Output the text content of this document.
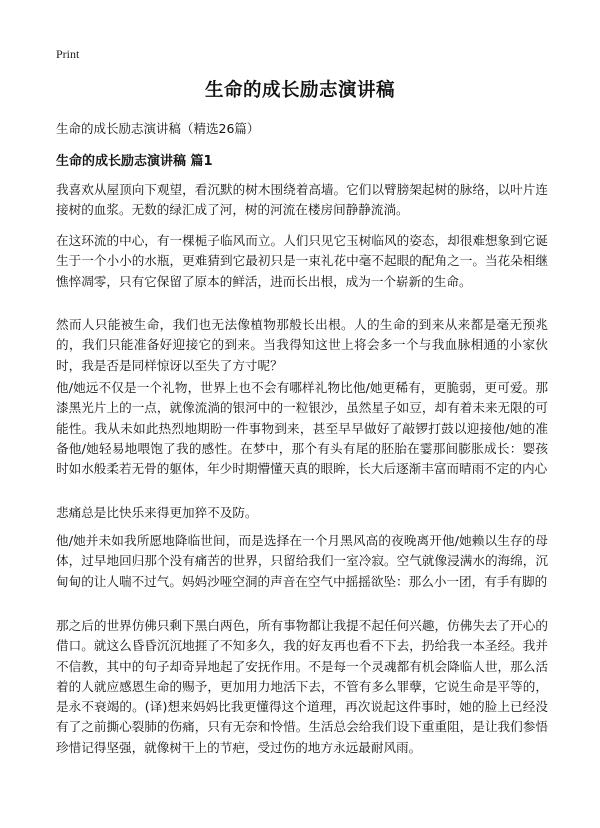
Print
生命的成长励志演讲稿
生命的成长励志演讲稿（精选26篇）
生命的成长励志演讲稿 篇1

我喜欢从屋顶向下观望，看沉默的树木围绕着高墙。它们以臂膀架起树的脉络，以叶片连接树的血浆。无数的绿汇成了河，树的河流在楼房间静静流淌。

在这环流的中心，有一棵栀子临风而立。人们只见它玉树临风的姿态，却很难想象到它诞生于一个小小的水瓶，更难猜到它最初只是一束礼花中毫不起眼的配角之一。当花朵相继憔悴凋零，只有它保留了原本的鲜活，进而长出根，成为一个崭新的生命。

然而人只能被生命，我们也无法像植物那般长出根。人的生命的到来从来都是毫无预兆的，我们只能准备好迎接它的到来。当我得知这世上将会多一个与我血脉相通的小家伙时，我是否是同样惊讶以至失了方寸呢？

他/她远不仅是一个礼物，世界上也不会有哪样礼物比他/她更稀有，更脆弱，更可爱。那漆黑光片上的一点，就像流淌的银河中的一粒银沙，虽然星子如豆，却有着未来无限的可能性。我从未如此热烈地期盼一件事物到来，甚至早早做好了敲锣打鼓以迎接他/她的准备他/她轻易地喂饱了我的感性。在梦中，那个有头有尾的胚胎在霎那间膨胀成长：婴孩时如水般柔若无骨的躯体，年少时期懵懂天真的眼眸，长大后逐渐丰富而晴雨不定的内心

悲痛总是比快乐来得更加猝不及防。

他/她并未如我所愿地降临世间，而是选择在一个月黑风高的夜晚离开他/她赖以生存的母体，过早地回归那个没有痛苦的世界，只留给我们一室冷寂。空气就像浸满水的海绵，沉甸甸的让人喘不过气。妈妈沙哑空洞的声音在空气中摇摇欲坠：那么小一团，有手有脚的

那之后的世界仿佛只剩下黑白两色，所有事物都让我提不起任何兴趣，仿佛失去了开心的借口。就这么昏昏沉沉地捱了不知多久，我的好友再也看不下去，扔给我一本圣经。我并不信教，其中的句子却奇异地起了安抚作用。不是每一个灵魂都有机会降临人世，那么活着的人就应感恩生命的赐予，更加用力地活下去，不管有多么罪孽，它说生命是平等的，是永不衰竭的。(译)想来妈妈比我更懂得这个道理，再次说起这件事时，她的脸上已经没有了之前撕心裂肺的伤痛，只有无奈和怜惜。生活总会给我们设下重重阻，是让我们参悟珍惜记得坚强，就像树干上的节疤，受过伤的地方永远最耐风雨。
